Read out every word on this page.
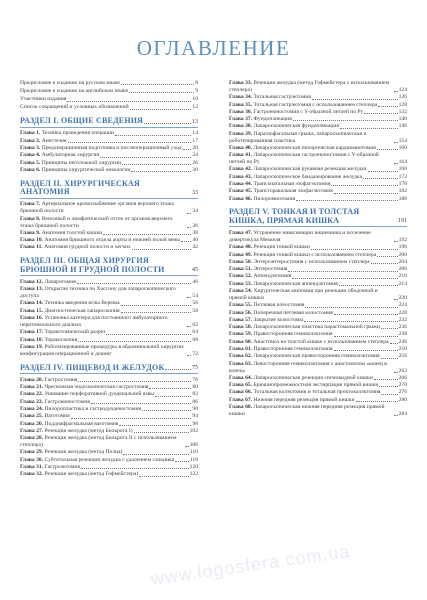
ОГЛАВЛЕНИЕ
Предисловие к изданию на русском языке	8
Предисловие к изданию на английском языке	9
Участники издания	10
Список сокращений и условных обозначений	12
РАЗДЕЛ I. ОБЩИЕ СВЕДЕНИЯ	13
Глава 1. Техника проведения операции	14
Глава 2. Анестезия	17
Глава 3. Предоперационная подготовка и послеоперационный уход 20
Глава 4. Амбулаторная хирургия	24
Глава 5. Принципы неотложной хирургии	26
Глава 6. Принципы хирургической онкологии	30
РАЗДЕЛ II. ХИРУРГИЧЕСКАЯ АНАТОМИЯ	33
Глава 7. Артериальное кровоснабжение органов верхнего этажа брюшной полости	34
Глава 8. Венозный и лимфатический отток от органов верхнего этажа брюшной полости	36
Глава 9. Анатомия толстой кишки	38
Глава 10. Анатомия брюшного отдела аорты и нижней полой вены 40
Глава 11. Анатомия грудной полости и легких	42
РАЗДЕЛ III. ОБЩАЯ ХИРУРГИЯ БРЮШНОЙ И ГРУДНОЙ ПОЛОСТИ	45
Глава 12. Лапаротомия	46
Глава 13. Открытая техника по Хассону для лапароскопического доступа	54
Глава 14. Техника введения иглы Вереша	56
Глава 15. Диагностическая лапароскопия	58
Глава 16. Установка катетера для постоянного амбулаторного перитонеального диализа	62
Глава 17. Торакотомический разрез	64
Глава 18. Торакоскопия	68
Глава 19. Роботизированные процедуры в абдоминальной хирургии: конфигурация операционной и докинг	72
РАЗДЕЛ IV. ПИЩЕВОД И ЖЕЛУДОК	75
Глава 20. Гастростомия	76
Глава 21. Чрескожная эндоскопическая гастростомия	80
Глава 22. Ушивание перфоративной дуоденальной язвы	82
Глава 23. Гастроеюностомия	86
Глава 24. Пилоропластика и гастродуоденостомия	90
Глава 25. Ваготомия	94
Глава 26. Поддиафрагмальная ваготомия	98
Глава 27. Резекция желудка (метод Бильрота I)	102
Глава 28. Резекция желудка (метод Бильрота II с использованием степлера)	106
Глава 29. Резекция желудка (метод Полиа)	110
Глава 30. Субтотальная резекция желудка с удалением сальника	118
Глава 31. Гастроэктомия	120
Глава 32. Резекция желудка (метод Гофмейстера)	122
Глава 33. Резекция желудка (метод Гофмейстера с использованием степлера)	124
Глава 34. Тотальная гастрэктомия	126
Глава 35. Тотальная гастрэктомия с использованием степлера	128
Глава 36. Гастроеюностомия с Y-образной петлей по Ру	132
Глава 37. Фундопликация	140
Глава 38. Лапароскопическая фундопликация	146
Глава 39. Параэзофагальная грыжа, лапароскопическая и роботизированная пластика	154
Глава 40. Лапароскопическая пилорическая кардиомиотомия	160
Глава 41. Лапароскопическая гастроеюностомия с Y-образной петлей по Ру	164
Глава 42. Лапароскопическая рукавная резекция желудка	168
Глава 43. Лапароскопическое бандажирование желудка	172
Глава 44. Трансхиатальная эзофагэктомия	176
Глава 45. Трансторакальная эзофагэктомия	182
Глава 46. Пилоромиотомия	188
РАЗДЕЛ V. ТОНКАЯ И ТОЛСТАЯ КИШКА, ПРЯМАЯ КИШКА	191
Глава 47. Устранение инвагинации кишечника и иссечение дивертикула Меккеля	192
Глава 48. Резекция тонкой кишки	196
Глава 49. Резекция тонкой кишки с использованием степлера	200
Глава 50. Энтероэнтеростомия с использованием степлера	204
Глава 51. Энтеростомия	206
Глава 52. Аппендэктомия	210
Глава 53. Лапароскопическая аппендэктомия	214
Глава 54. Хирургическая анатомия при резекции ободочной и прямой кишки	220
Глава 55. Петлевая илеостомия	224
Глава 56. Поперечная петлевая колостомия	228
Глава 57. Закрытие колостомы	232
Глава 58. Лапароскопическая пластика парастомальной грыжи	236
Глава 59. Правосторонняя гемиколэктомия	238
Глава 60. Анастомоз на толстой кишке с использованием степлера 246
Глава 61. Правосторонняя гемиколэктомия	250
Глава 62. Лапароскопическая правосторонняя гемиколэктомия	256
Глава 63. Левосторонняя гемиколэктомия с анастомозом «конец в конец»	262
Глава 64. Лапароскопическая резекция сигмовидной кишки	266
Глава 65. Брюшнопромежностная экстирпация прямой кишки	270
Глава 66. Тотальная колэктомия и тотальная проктоколэктомия	276
Глава 67. Нижняя передняя резекция прямой кишки	280
Глава 68. Лапароскопическая нижняя передняя резекция прямой кишки	284
www.logosfera.com.ua
